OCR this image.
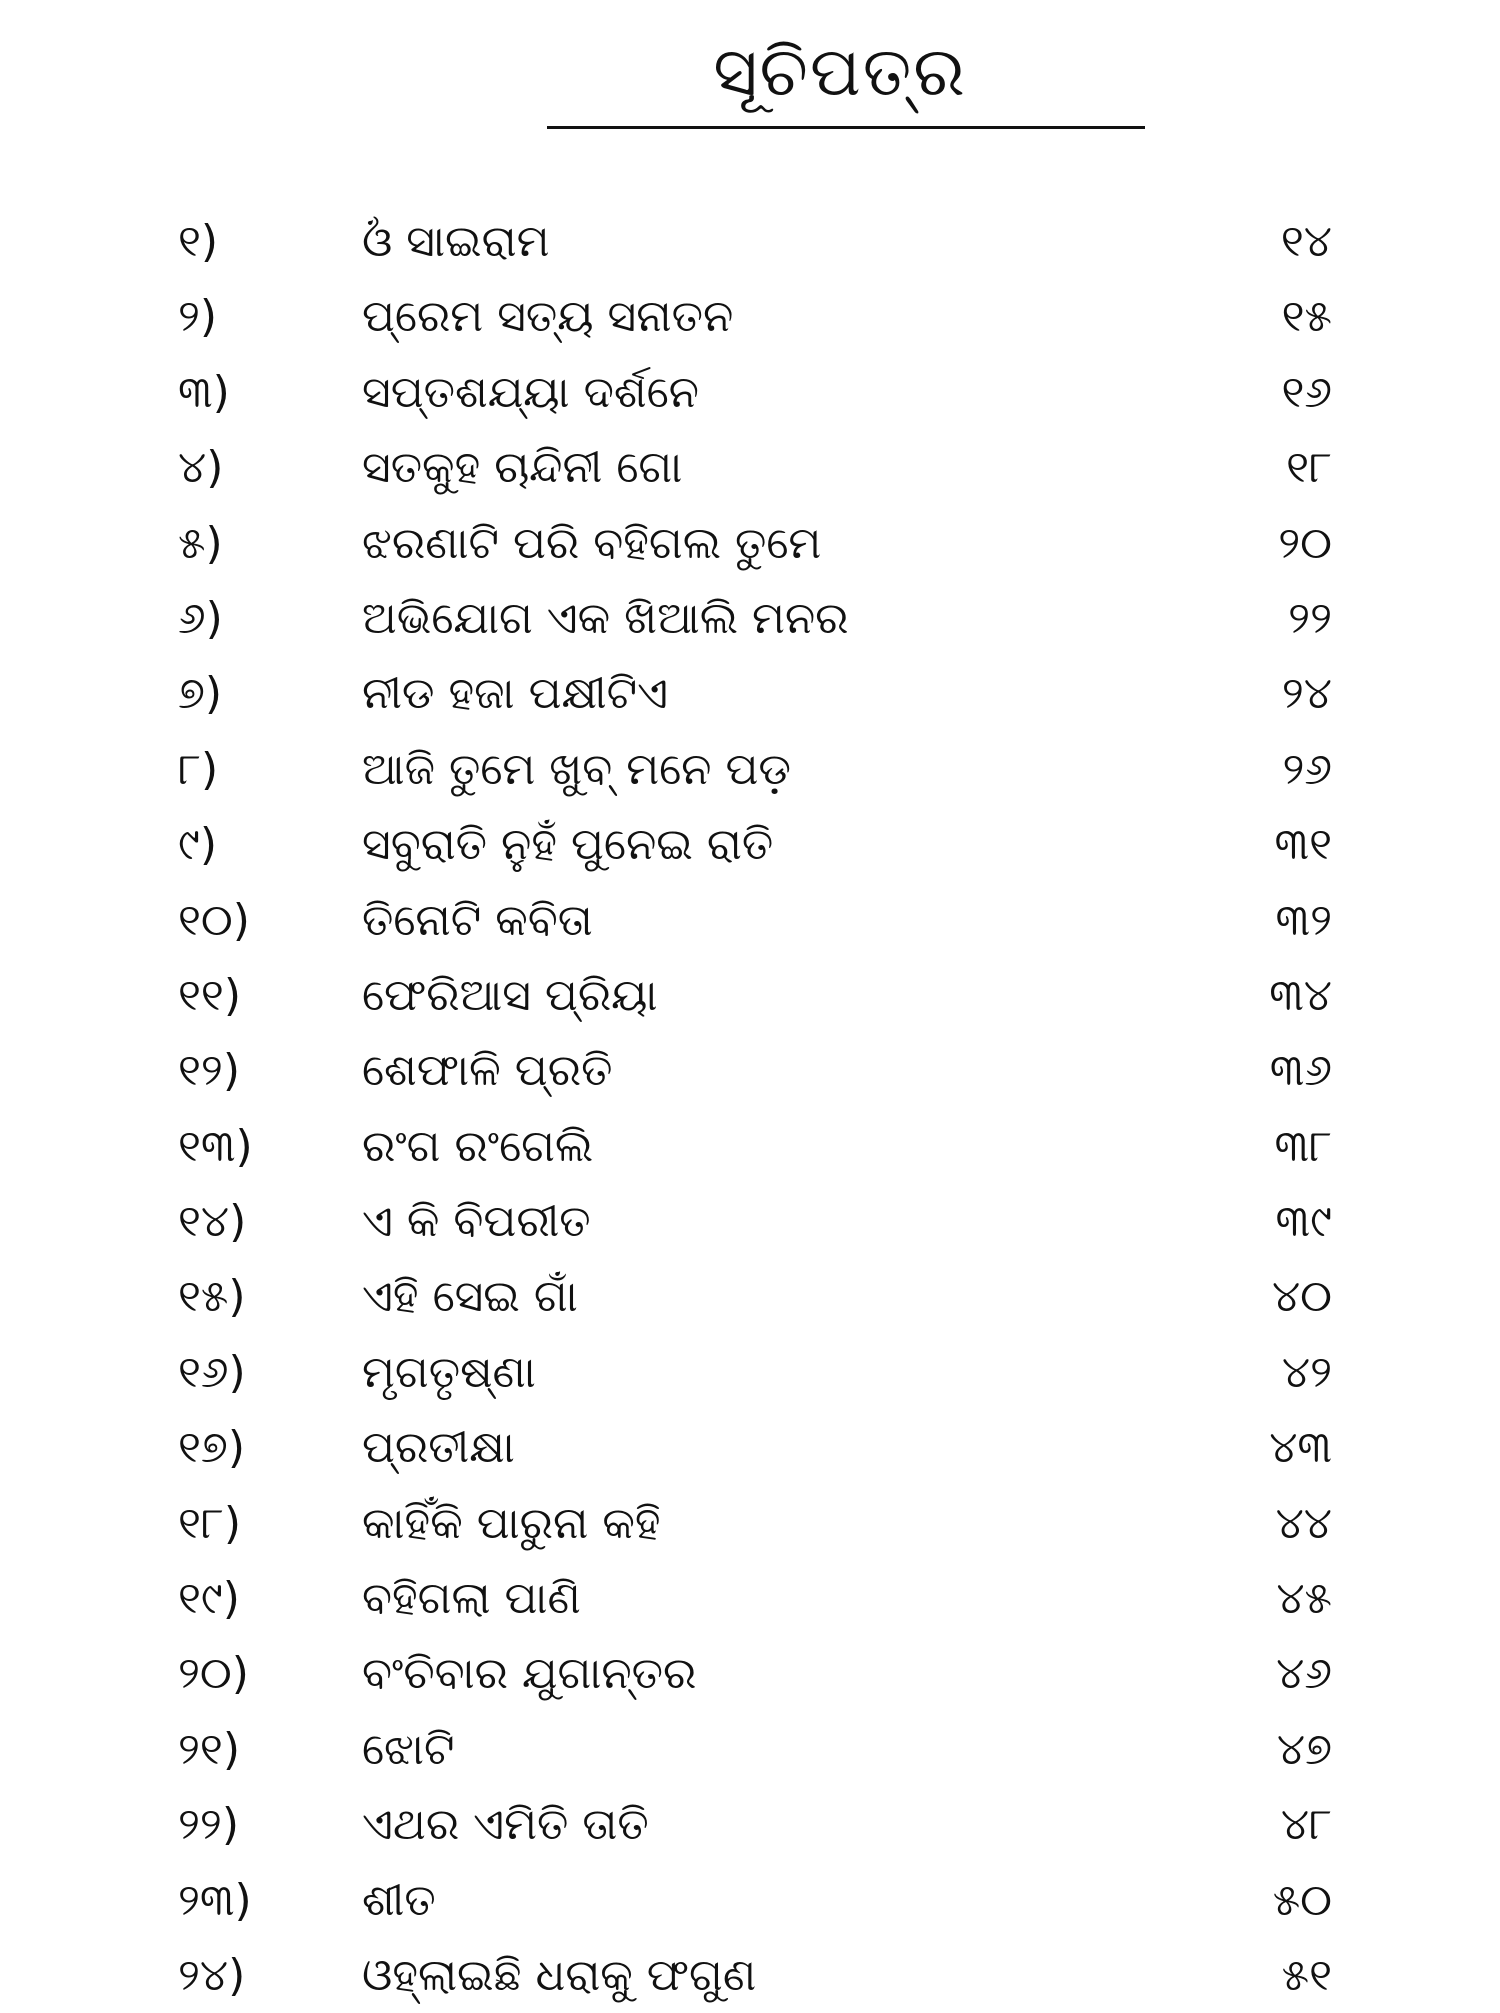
ସୂଚିପତ୍ର
୧)	ଓଁ ସାଇରାମ	୧୪
୨)	ପ୍ରେମ ସତ୍ୟ ସନାତନ	୧୫
୩)	ସପ୍ତଶଯ୍ୟା ଦର୍ଶନେ	୧୬
୪)	ସତକୁହ ଚାନ୍ଦିନୀ ଗୋ	୧୮
୫)	ଝରଣାଟି ପରି ବହିଗଲ ତୁମେ	୨୦
୬)	ଅଭିଯୋଗ ଏକ ଖିଆଲି ମନର	୨୨
୭)	ନୀଡ ହଜା ପକ୍ଷୀଟିଏ	୨୪
୮)	ଆଜି ତୁମେ ଖୁବ୍ ମନେ ପଡ଼	୨୬
୯)	ସବୁରାତି ନୁହଁ ପୁନେଇ ରାତି	୩୧
୧୦)	ତିନୋଟି କବିତା	୩୨
୧୧)	ଫେରିଆସ ପ୍ରିୟା	୩୪
୧୨)	ଶେଫାଳି ପ୍ରତି	୩୬
୧୩) ରଂଗ ରଂଗେଲି	୩୮
୧୪)	ଏ କି ବିପରୀତ	୩୯
୧୫)	ଏହି ସେଇ ଗାଁ	୪୦
୧୬)	ମୃଗତୃଷ୍ଣା	୪୨
୧୭)	ପ୍ରତୀକ୍ଷା	୪୩
୧୮)	କାହିଁକି ପାରୁନା କହି	୪୪
୧୯)	ବହିଗଲା ପାଣି	୪୫
୨୦)	ବଂଚିବାର ଯୁଗାନ୍ତର	୪୬
୨୧)	ଝୋଟି	୪୭
୨୨)	ଏଥର ଏମିତି ତାତି	୪୮
୨୩)	ଶୀତ	୫୦
୨୪)	ଓହ୍ଲାଇଛି ଧରାକୁ ଫଗୁଣ	୫୧
